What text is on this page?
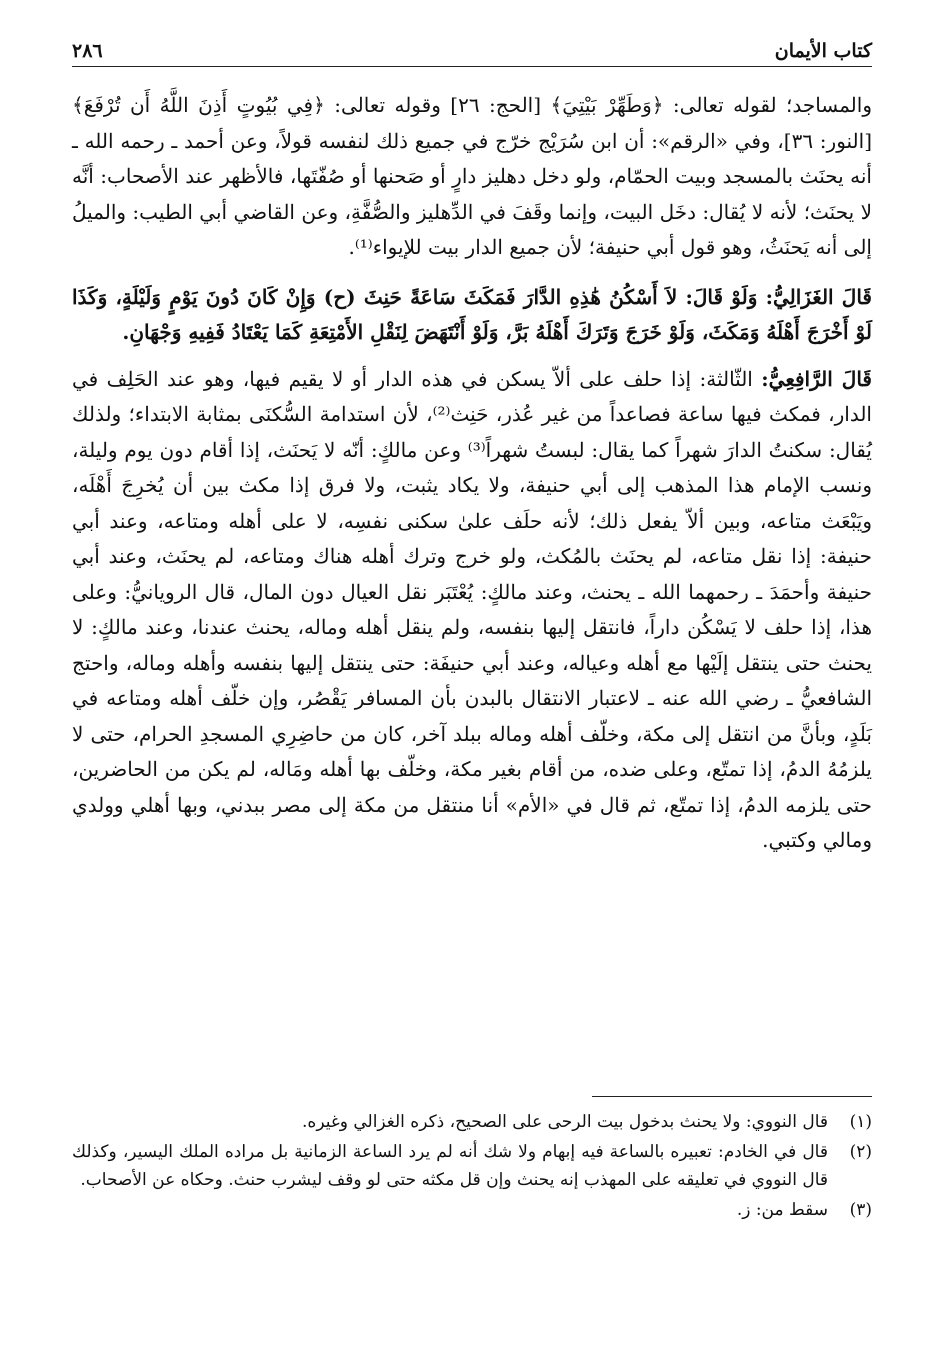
كتاب الأيمان
٢٨٦

والمساجد؛ لقوله تعالى: ﴿وَطَهِّرْ بَيْتِيَ﴾ [الحج: ٢٦] وقوله تعالى: ﴿فِي بُيُوتٍ أَذِنَ اللَّهُ أَن تُرْفَعَ﴾ [النور: ٣٦]، وفي «الرقم»: أن ابن سُرَيْج خرّج في جميع ذلك لنفسه قولاً، وعن أحمد ـ رحمه الله ـ أنه يحنَث بالمسجد وبيت الحمّام، ولو دخل دهليز دارٍ أو صَحنها أو صُفّتَها، فالأظهر عند الأصحاب: أنَّه لا يحنَث؛ لأنه لا يُقال: دخَل البيت، وإنما وقَفَ في الدِّهليز والصُّفَّةِ، وعن القاضي أبي الطيب: والميلُ إلى أنه يَحنَثُ، وهو قول أبي حنيفة؛ لأن جميع الدار بيت للإيواء⁽¹⁾.

قَالَ الغَزَالِيُّ: وَلَوْ قَالَ: لاَ أَسْكُنُ هَٰذِهِ الدَّارَ فَمَكَثَ سَاعَةً حَنِثَ (ح) وَإِنْ كَانَ دُونَ يَوْمٍ وَلَيْلَةٍ، وَكَذَا لَوْ أَخْرَجَ أَهْلَهُ وَمَكَثَ، وَلَوْ خَرَجَ وَتَرَكَ أَهْلَهُ بَرَّ، وَلَوْ أَنْتَهَضَ لِنَقْلِ الأَمْتِعَةِ كَمَا يَعْتَادُ فَفِيهِ وَجْهَانِ.

قَالَ الرَّافِعِيُّ: الثّالثة: إذا حلف على ألاّ يسكن في هذه الدار أو لا يقيم فيها، وهو عند الحَلِف في الدار، فمكث فيها ساعة فصاعداً من غير عُذر، حَنِث⁽²⁾، لأن استدامة السُّكنَى بمثابة الابتداء؛ ولذلك يُقال: سكنتُ الدارَ شهراً كما يقال: لبستُ شهراً⁽³⁾ وعن مالكٍ: أنّه لا يَحنَث، إذا أقام دون يوم وليلة، ونسب الإمام هذا المذهب إلى أبي حنيفة، ولا يكاد يثبت، ولا فرق إذا مكث بين أن يُخرِجَ أَهْلَه، ويَبْعَث متاعه، وبين ألاّ يفعل ذلك؛ لأنه حلَف علىٰ سكنى نفسِه، لا على أهله ومتاعه، وعند أبي حنيفة: إذا نقل متاعه، لم يحنَث بالمُكث، ولو خرج وترك أهله هناك ومتاعه، لم يحنَث، وعند أبي حنيفة وأحمَدَ ـ رحمهما الله ـ يحنث، وعند مالكٍ: يُعْتَبَر نقل العيال دون المال، قال الرويانيُّ: وعلى هذا، إذا حلف لا يَسْكُن داراً، فانتقل إليها بنفسه، ولم ينقل أهله وماله، يحنث عندنا، وعند مالكٍ: لا يحنث حتى ينتقل إلَيْها مع أهله وعياله، وعند أبي حنيفَة: حتى ينتقل إليها بنفسه وأهله وماله، واحتج الشافعيُّ ـ رضي الله عنه ـ لاعتبار الانتقال بالبدن بأن المسافر يَقْصُر، وإن خلّف أهله ومتاعه في بَلَدٍ، وبأنَّ من انتقل إلى مكة، وخلّف أهله وماله ببلد آخر، كان من حاضِرِي المسجدِ الحرام، حتى لا يلزمُهُ الدمُ، إذا تمتّع، وعلى ضده، من أقام بغير مكة، وخلّف بها أهله ومَاله، لم يكن من الحاضرين، حتى يلزمه الدمُ، إذا تمتّع، ثم قال في «الأم» أنا منتقل من مكة إلى مصر ببدني، وبها أهلي وولدي ومالي وكتبي.

(١)
قال النووي: ولا يحنث بدخول بيت الرحى على الصحيح، ذكره الغزالي وغيره.
(٢)
قال في الخادم: تعبيره بالساعة فيه إبهام ولا شك أنه لم يرد الساعة الزمانية بل مراده الملك اليسير، وكذلك قال النووي في تعليقه على المهذب إنه يحنث وإن قل مكثه حتى لو وقف ليشرب حنث. وحكاه عن الأصحاب.
(٣)
سقط من: ز.
